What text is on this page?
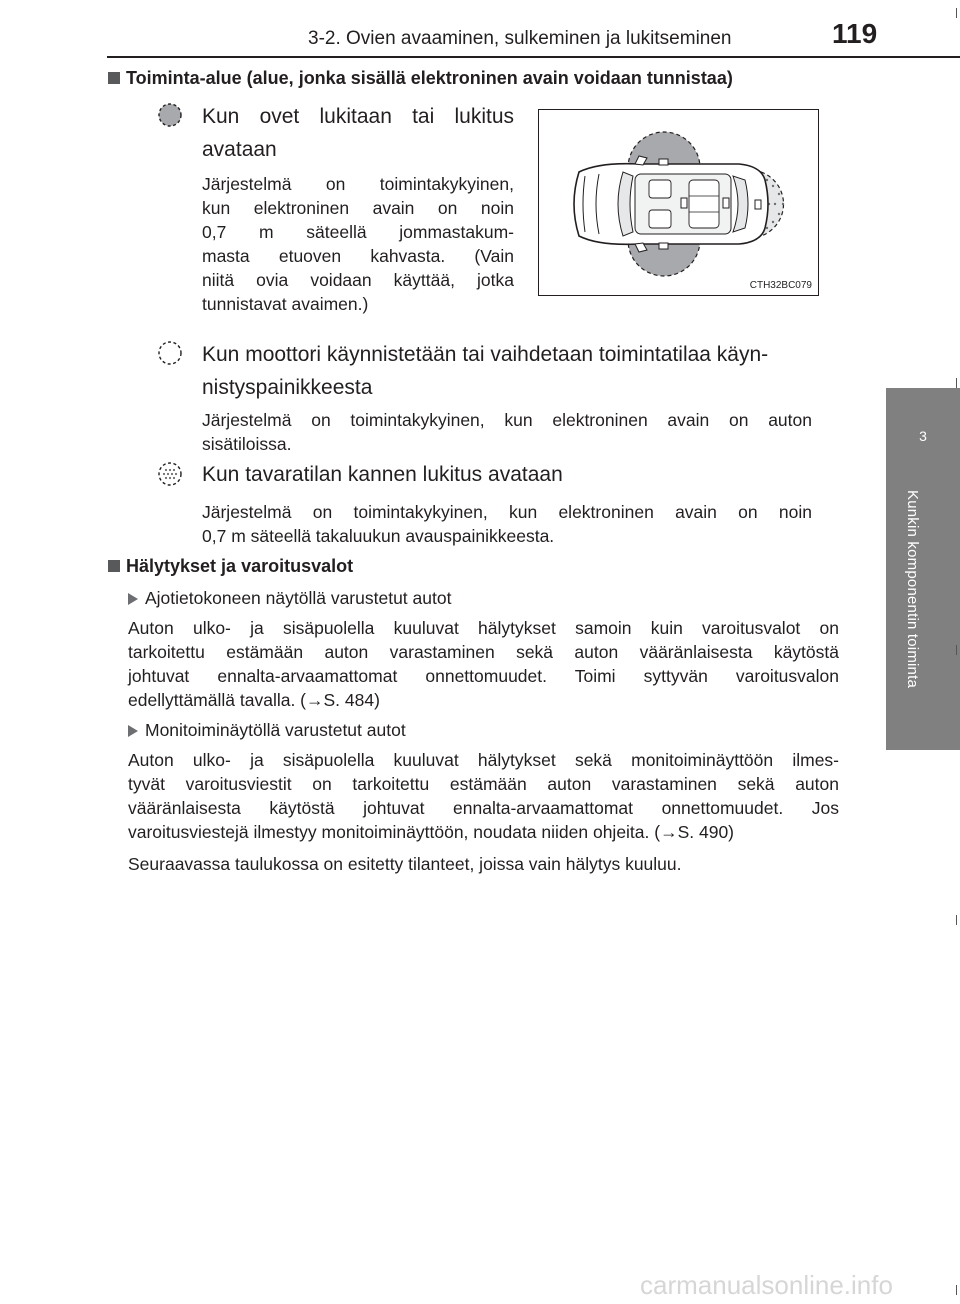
3-2. Ovien avaaminen, sulkeminen ja lukitseminen	119
3
Kunkin komponentin toiminta
Toiminta-alue (alue, jonka sisällä elektroninen avain voidaan tunnistaa)
Kun ovet lukitaan tai lukitus
avataan
Järjestelmä on toimintakykyinen,
kun elektroninen avain on noin
0,7 m säteellä jommastakum-
masta etuoven kahvasta. (Vain
niitä ovia voidaan käyttää, jotka
tunnistavat avaimen.)
CTH32BC079
Kun moottori käynnistetään tai vaihdetaan toimintatilaa käyn-
nistyspainikkeesta
Järjestelmä on toimintakykyinen, kun elektroninen avain on auton
sisätiloissa.
Kun tavaratilan kannen lukitus avataan
Järjestelmä on toimintakykyinen, kun elektroninen avain on noin
0,7 m säteellä takaluukun avauspainikkeesta.
Hälytykset ja varoitusvalot
Ajotietokoneen näytöllä varustetut autot
Auton ulko- ja sisäpuolella kuuluvat hälytykset samoin kuin varoitusvalot on
tarkoitettu estämään auton varastaminen sekä auton vääränlaisesta käytöstä
johtuvat ennalta-arvaamattomat onnettomuudet. Toimi syttyvän varoitusvalon
edellyttämällä tavalla. (→S. 484)
Monitoiminäytöllä varustetut autot
Auton ulko- ja sisäpuolella kuuluvat hälytykset sekä monitoiminäyttöön ilmes-
tyvät varoitusviestit on tarkoitettu estämään auton varastaminen sekä auton
vääränlaisesta käytöstä johtuvat ennalta-arvaamattomat onnettomuudet. Jos
varoitusviestejä ilmestyy monitoiminäyttöön, noudata niiden ohjeita. (→S. 490)
Seuraavassa taulukossa on esitetty tilanteet, joissa vain hälytys kuuluu.
carmanualsonline.info
